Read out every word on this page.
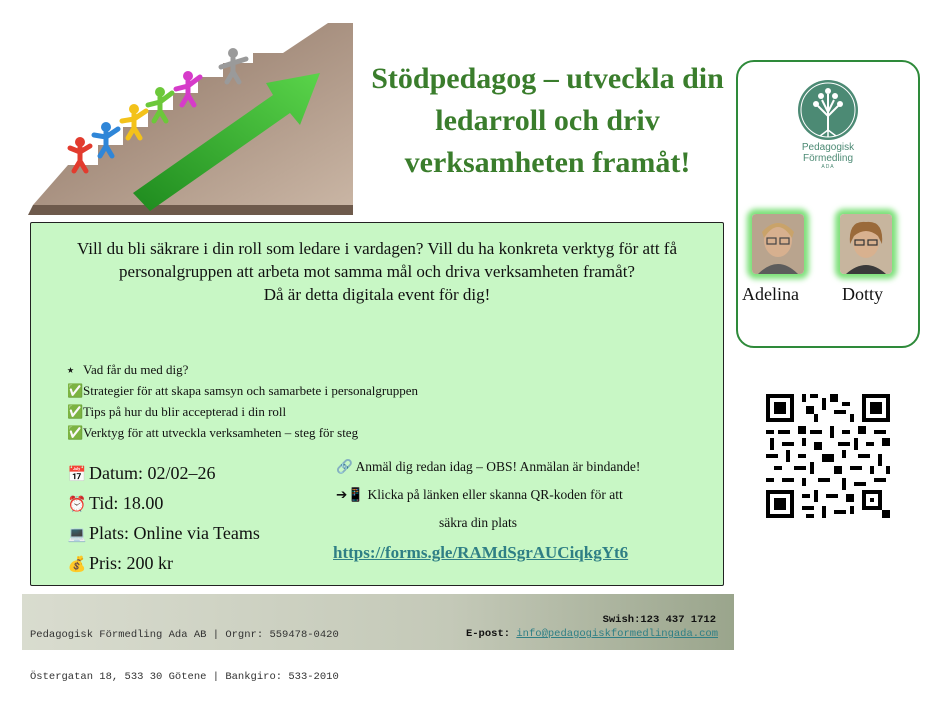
Stödpedagog – utveckla din ledarroll och driv verksamheten framåt!	Pedagogisk Förmedling
ADA
Adelina Dotty
Vill du bli säkrare i din roll som ledare i vardagen? Vill du ha konkreta verktyg för att få personalgruppen att arbeta mot samma mål och driva verksamheten framåt?
Då är detta digitala event för dig!
⭑ Vad får du med dig?
✅Strategier för att skapa samsyn och samarbete i personalgruppen
✅Tips på hur du blir accepterad i din roll
✅Verktyg för att utveckla verksamheten – steg för steg
📅 Datum: 02/02–26
⏰ Tid: 18.00
💻 Plats: Online via Teams
💰 Pris: 200 kr
🔗 Anmäl dig redan idag – OBS! Anmälan är bindande!
➔📱 Klicka på länken eller skanna QR-koden för att
säkra din plats
https://forms.gle/RAMdSgrAUCiqkgYt6

Pedagogisk Förmedling Ada AB | Orgnr: 559478-0420

Östergatan 18, 533 30 Götene | Bankgiro: 533-2010

Swish:123 437 1712
E-post: info@pedagogiskformedlingada.com
